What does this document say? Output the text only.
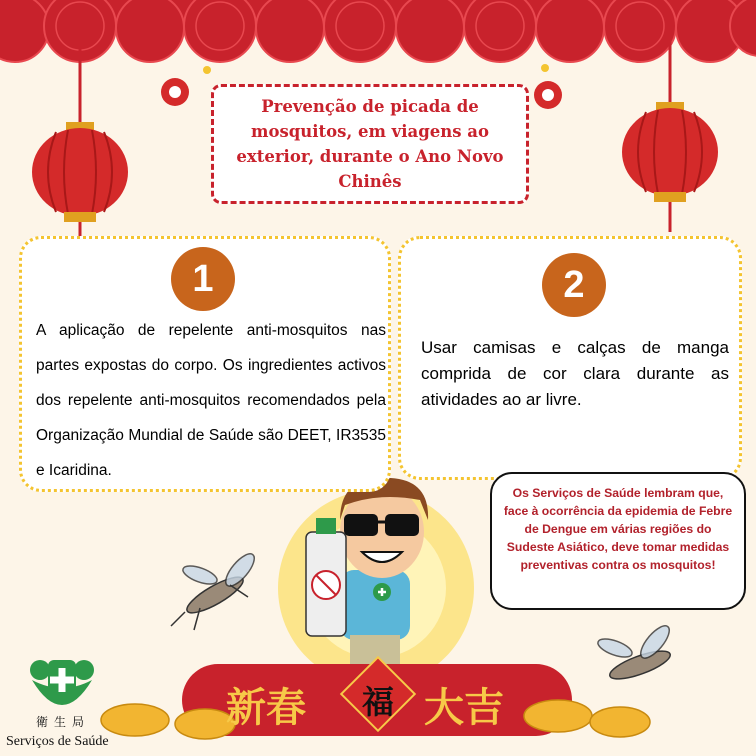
Prevenção de picada de mosquitos, em viagens ao exterior, durante o Ano Novo Chinês
1
A aplicação de repelente anti-mosquitos nas partes expostas do corpo. Os ingredientes activos dos repelente anti-mosquitos recomendados pela Organização Mundial de Saúde são DEET, IR3535 e Icaridina.
2
Usar camisas e calças de manga comprida de cor clara durante as atividades ao ar livre.
Os Serviços de Saúde lembram que, face à ocorrência da epidemia de Febre de Dengue em várias regiões do Sudeste Asiático, deve tomar medidas preventivas contra os mosquitos!
衛生局
Serviços de Saúde
新春 福 大吉
